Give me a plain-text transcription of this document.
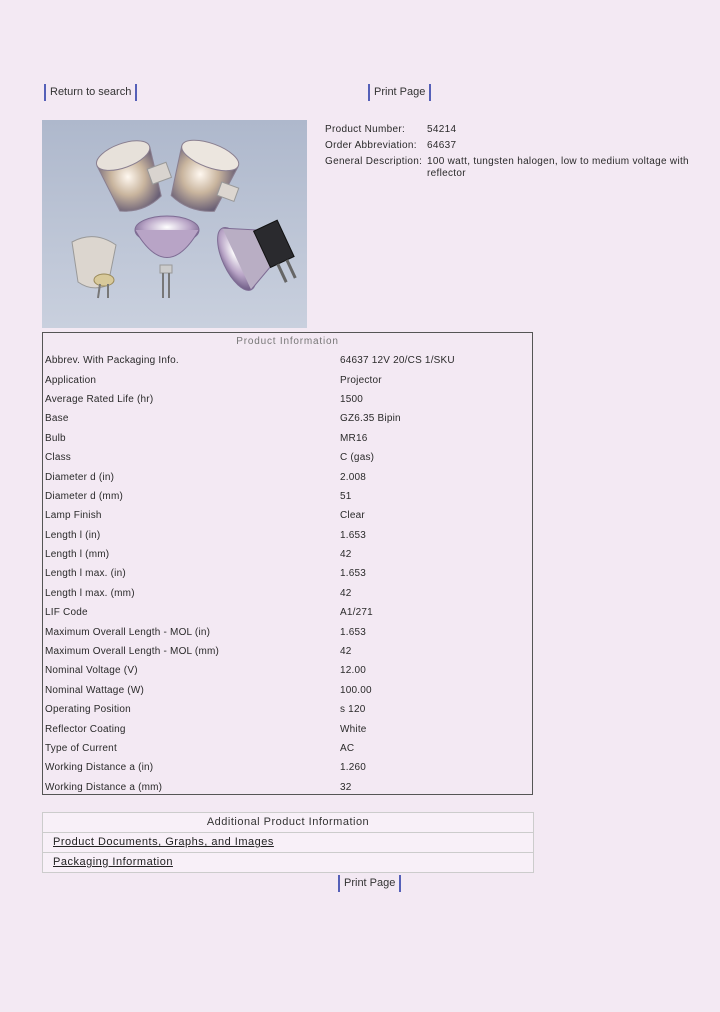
Return to search	Print Page
Product Number:	54214
Order Abbreviation:	64637
General Description: 100 watt, tungsten halogen, low to medium voltage with reflector
Product Information
Abbrev. With Packaging Info.	64637 12V 20/CS 1/SKU
Application	Projector
Average Rated Life (hr)	1500
Base	GZ6.35 Bipin
Bulb	MR16
Class	C (gas)
Diameter d (in)	2.008
Diameter d (mm)	51
Lamp Finish	Clear
Length l (in)	1.653
Length l (mm)	42
Length l max. (in)	1.653
Length l max. (mm)	42
LIF Code	A1/271
Maximum Overall Length - MOL (in)	1.653
Maximum Overall Length - MOL (mm)	42
Nominal Voltage (V)	12.00
Nominal Wattage (W)	100.00
Operating Position	s 120
Reflector Coating	White
Type of Current	AC
Working Distance a (in)	1.260
Working Distance a (mm)	32
Additional Product Information
Product Documents, Graphs, and Images
Packaging Information
Print Page
